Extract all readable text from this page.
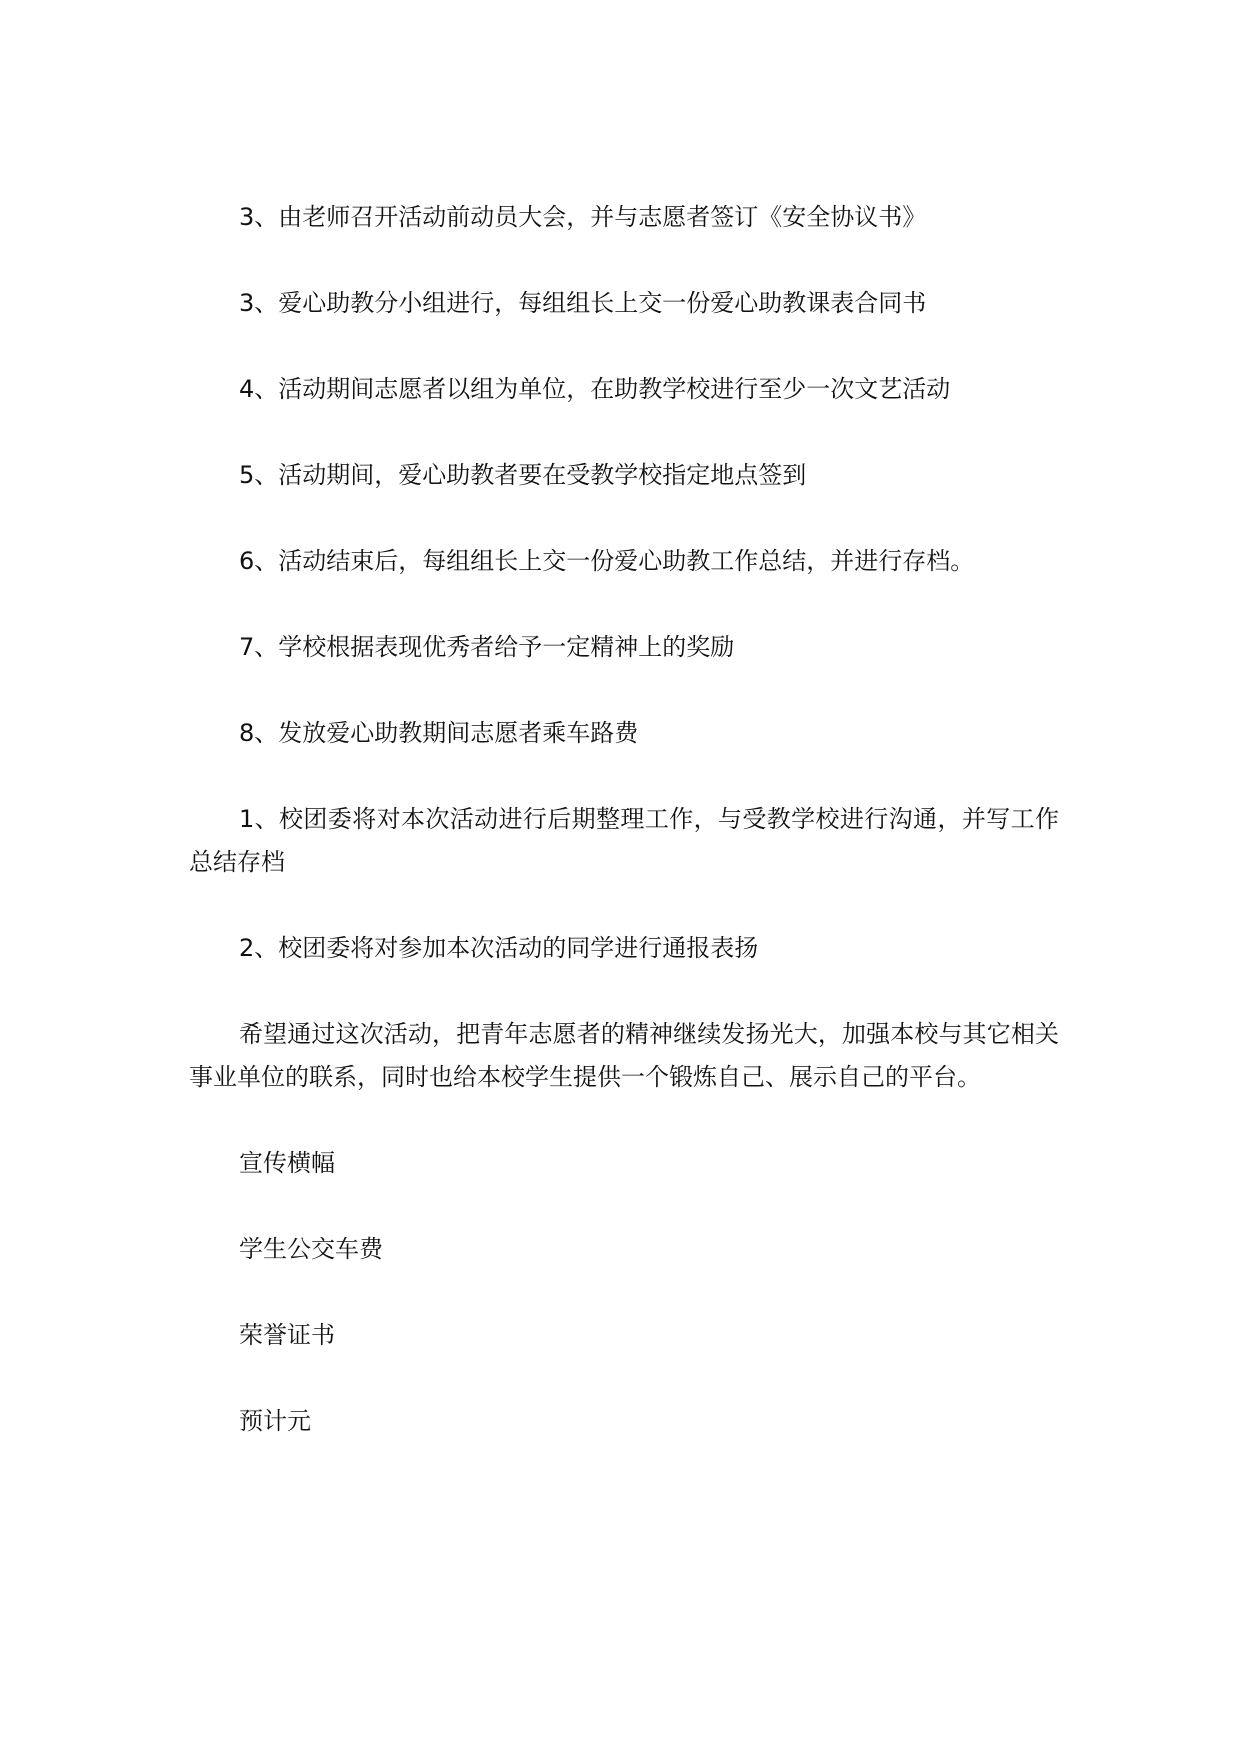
3、由老师召开活动前动员大会，并与志愿者签订《安全协议书》

3、爱心助教分小组进行，每组组长上交一份爱心助教课表合同书

4、活动期间志愿者以组为单位，在助教学校进行至少一次文艺活动

5、活动期间，爱心助教者要在受教学校指定地点签到

6、活动结束后，每组组长上交一份爱心助教工作总结，并进行存档。

7、学校根据表现优秀者给予一定精神上的奖励

8、发放爱心助教期间志愿者乘车路费

1、校团委将对本次活动进行后期整理工作，与受教学校进行沟通，并写工作总结存档

2、校团委将对参加本次活动的同学进行通报表扬

希望通过这次活动，把青年志愿者的精神继续发扬光大，加强本校与其它相关事业单位的联系，同时也给本校学生提供一个锻炼自己、展示自己的平台。

宣传横幅

学生公交车费

荣誉证书

预计元
